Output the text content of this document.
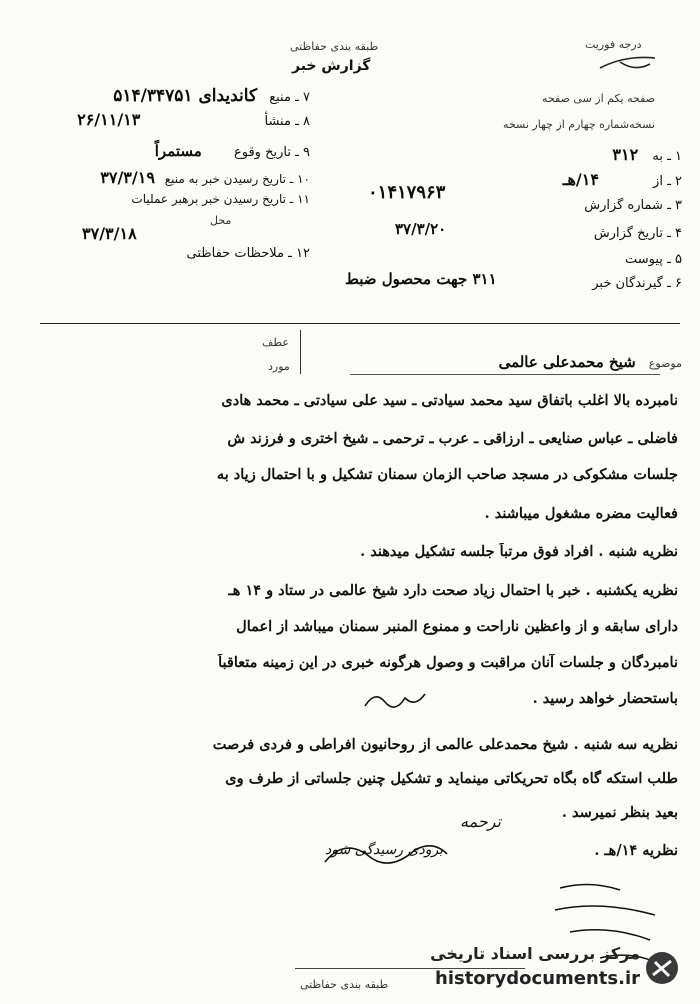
طبقه بندی حفاظتی
گزارش خبر
درجه فوریت
صفحه یکم از سی صفحه
نسخه‌شماره چهارم از چهار نسخه
۱ ـ به ۳۱۲
۲ ـ از ۱۴/هـ
۳ ـ شماره گزارش
۰۱۴۱۷۹۶۳
۴ ـ تاریخ گزارش
۳۷/۳/۲۰
۵ ـ پیوست
۶ ـ گیرندگان خبر
۳۱۱ جهت محصول ضبط
۷ ـ منبع کاندیدای ۵۱۴/۳۴۷۵۱
۸ ـ منشأ ۲۶/۱۱/۱۳
۹ ـ تاریخ وقوع مستمراً
۱۰ ـ تاریخ رسیدن خبر به منبع ۳۷/۳/۱۹
۱۱ ـ تاریخ رسیدن خبر برهبر عملیات
محل
۳۷/۳/۱۸
۱۲ ـ ملاحظات حفاظتی
عطف
مورد	موضوع شیخ محمدعلی عالمی
نامبرده بالا اغلب باتفاق سید محمد سیادتی ـ سید علی سیادتی ـ محمد هادی
فاضلی ـ عباس صنایعی ـ ارزاقی ـ عرب ـ ترحمی ـ شیخ اختری و فرزند ش
جلسات مشکوکی در مسجد صاحب الزمان سمنان تشکیل و با احتمال زیاد به
فعالیت مضره مشغول میباشند .
نظریه شنبه . افراد فوق مرتباً جلسه تشکیل میدهند .
نظریه یکشنبه . خبر با احتمال زیاد صحت دارد شیخ عالمی در ستاد و ۱۴ هـ
دارای سابقه و از واعظین ناراحت و ممنوع المنبر سمنان میباشد از اعمال
نامبردگان و جلسات آنان مراقبت و وصول هرگونه خبری در این زمینه متعاقباً
باستحضار خواهد رسید .
نظریه سه شنبه . شیخ محمدعلی عالمی از روحانیون افراطی و فردی فرصت
طلب استکه گاه بگاه تحریکاتی مینماید و تشکیل چنین جلساتی از طرف وی
بعید بنظر نمیرسد .
نظریه ۱۴/هـ .
ترحمه
بزودی رسیدگی شود
طبقه بندی حفاظتی
مرکز بررسی اسناد تاریخی
historydocuments.ir
